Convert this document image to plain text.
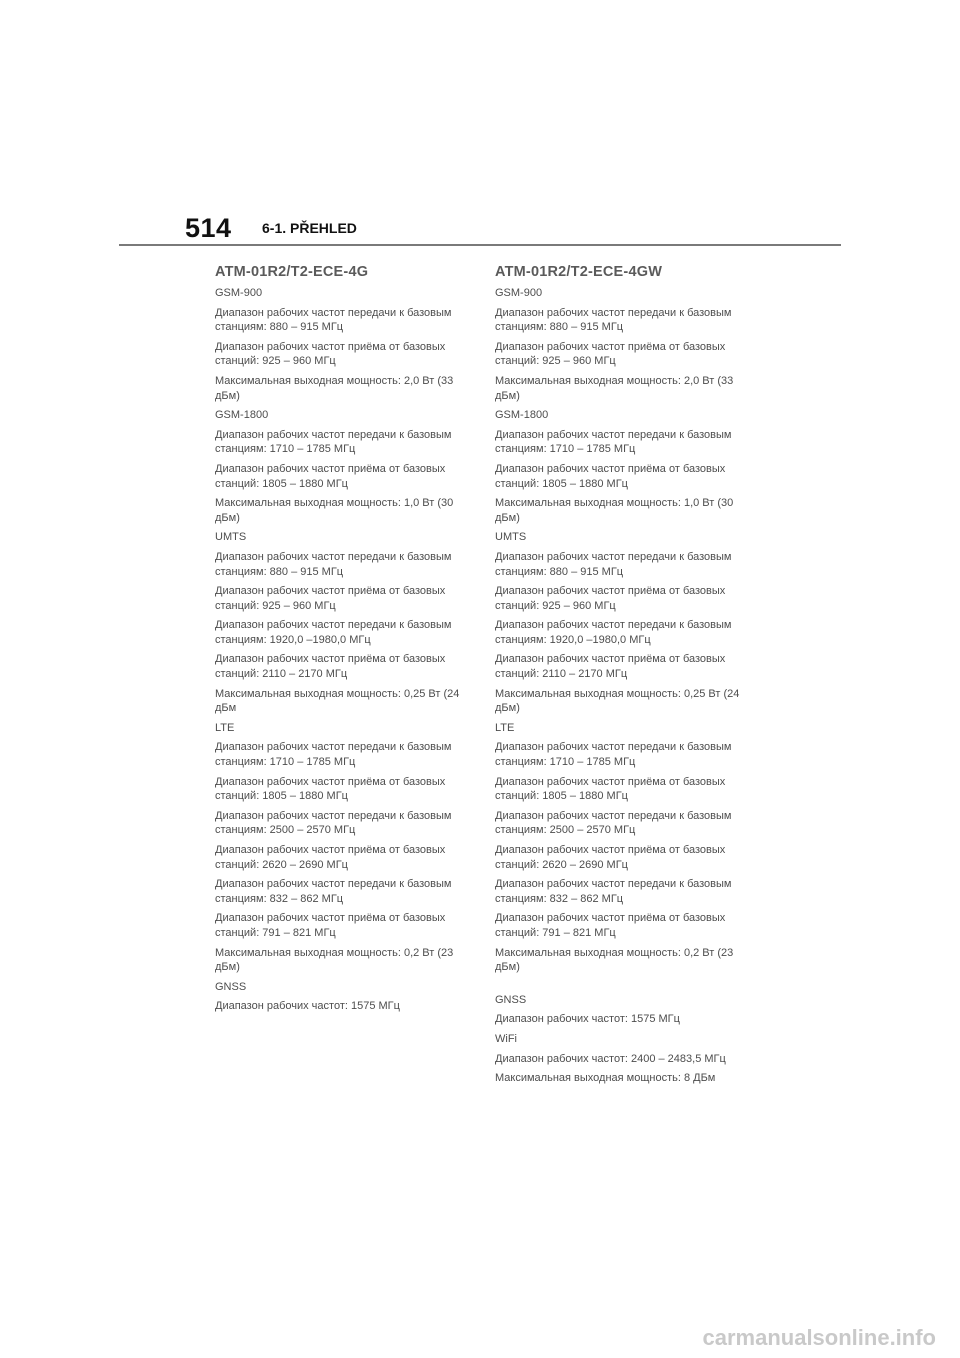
514 6-1. PŘEHLED
ATM-01R2/T2-ECE-4G
GSM-900
Диапазон рабочих частот передачи к базовым станциям: 880 – 915 МГц
Диапазон рабочих частот приёма от базовых станций: 925 – 960 МГц
Максимальная выходная мощность: 2,0 Вт (33 дБм)
GSM-1800
Диапазон рабочих частот передачи к базовым станциям: 1710 – 1785 МГц
Диапазон рабочих частот приёма от базовых станций: 1805 – 1880 МГц
Максимальная выходная мощность: 1,0 Вт (30 дБм)
UMTS
Диапазон рабочих частот передачи к базовым станциям: 880 – 915 МГц
Диапазон рабочих частот приёма от базовых станций: 925 – 960 МГц
Диапазон рабочих частот передачи к базовым станциям: 1920,0 –1980,0 МГц
Диапазон рабочих частот приёма от базовых станций: 2110 – 2170 МГц
Максимальная выходная мощность: 0,25 Вт (24 дБм
LTE
Диапазон рабочих частот передачи к базовым станциям: 1710 – 1785 МГц
Диапазон рабочих частот приёма от базовых станций: 1805 – 1880 МГц
Диапазон рабочих частот передачи к базовым станциям: 2500 – 2570 МГц
Диапазон рабочих частот приёма от базовых станций: 2620 – 2690 МГц
Диапазон рабочих частот передачи к базовым станциям: 832 – 862 МГц
Диапазон рабочих частот приёма от базовых станций: 791 – 821 МГц
Максимальная выходная мощность: 0,2 Вт (23 дБм)
GNSS
Диапазон рабочих частот: 1575 МГц
ATM-01R2/T2-ECE-4GW
GSM-900
Диапазон рабочих частот передачи к базовым станциям: 880 – 915 МГц
Диапазон рабочих частот приёма от базовых станций: 925 – 960 МГц
Максимальная выходная мощность: 2,0 Вт (33 дБм)
GSM-1800
Диапазон рабочих частот передачи к базовым станциям: 1710 – 1785 МГц
Диапазон рабочих частот приёма от базовых станций: 1805 – 1880 МГц
Максимальная выходная мощность: 1,0 Вт (30 дБм)
UMTS
Диапазон рабочих частот передачи к базовым станциям: 880 – 915 МГц
Диапазон рабочих частот приёма от базовых станций: 925 – 960 МГц
Диапазон рабочих частот передачи к базовым станциям: 1920,0 –1980,0 МГц
Диапазон рабочих частот приёма от базовых станций: 2110 – 2170 МГц
Максимальная выходная мощность: 0,25 Вт (24 дБм)
LTE
Диапазон рабочих частот передачи к базовым станциям: 1710 – 1785 МГц
Диапазон рабочих частот приёма от базовых станций: 1805 – 1880 МГц
Диапазон рабочих частот передачи к базовым станциям: 2500 – 2570 МГц
Диапазон рабочих частот приёма от базовых станций: 2620 – 2690 МГц
Диапазон рабочих частот передачи к базовым станциям: 832 – 862 МГц
Диапазон рабочих частот приёма от базовых станций: 791 – 821 МГц
Максимальная выходная мощность: 0,2 Вт (23 дБм)
GNSS
Диапазон рабочих частот: 1575 МГц
WiFi
Диапазон рабочих частот: 2400 – 2483,5 МГц
Максимальная выходная мощность: 8 ДБм
carmanualsonline.info
